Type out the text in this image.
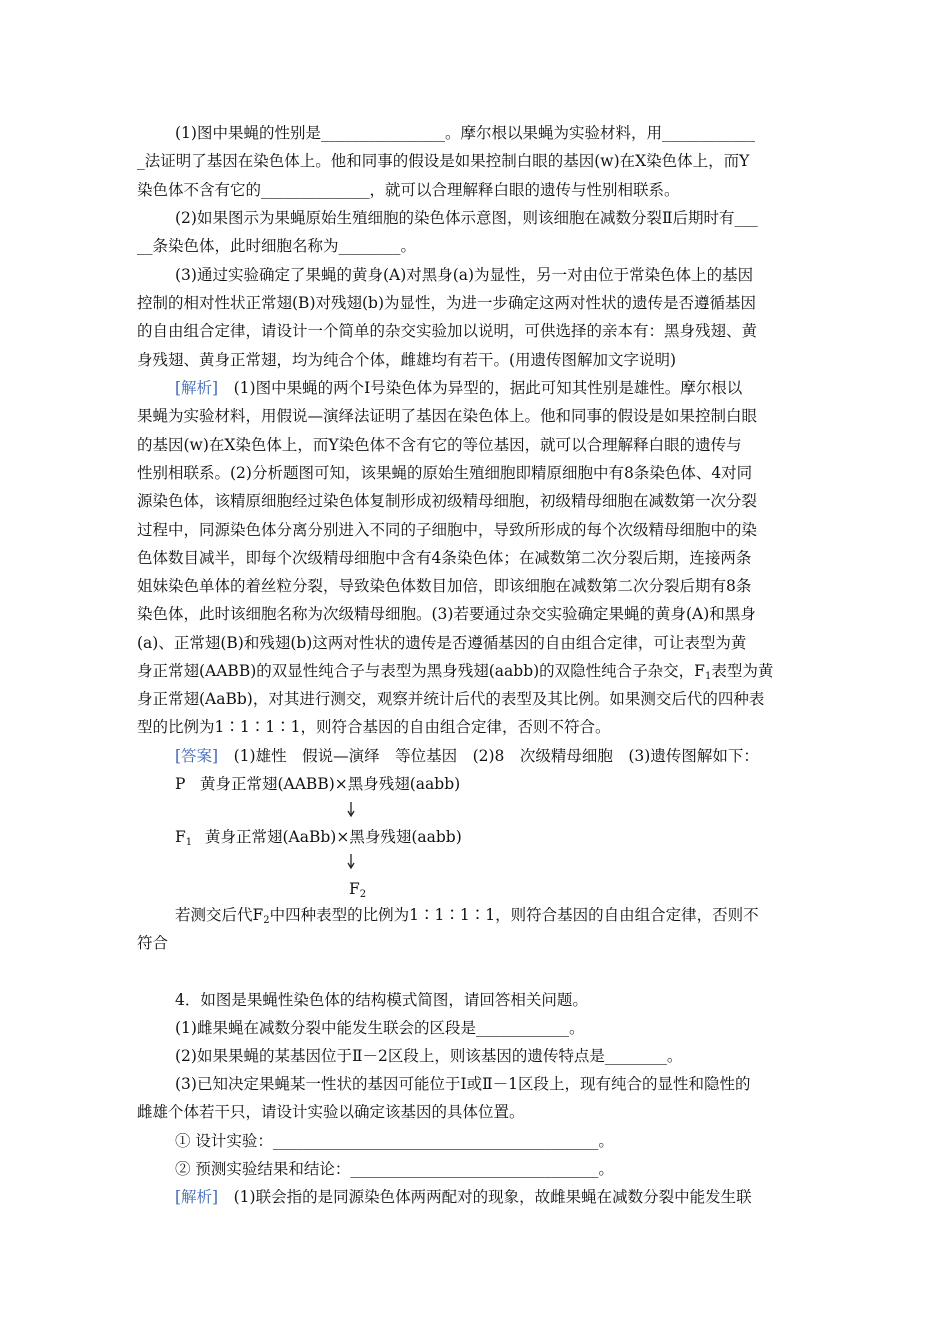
(1)图中果蝇的性别是________________。摩尔根以果蝇为实验材料，用____________
_法证明了基因在染色体上。他和同事的假设是如果控制白眼的基因(w)在X染色体上，而Y
染色体不含有它的______________，就可以合理解释白眼的遗传与性别相联系。
(2)如果图示为果蝇原始生殖细胞的染色体示意图，则该细胞在减数分裂Ⅱ后期时有___
__条染色体，此时细胞名称为________。
(3)通过实验确定了果蝇的黄身(A)对黑身(a)为显性，另一对由位于常染色体上的基因
控制的相对性状正常翅(B)对残翅(b)为显性，为进一步确定这两对性状的遗传是否遵循基因
的自由组合定律，请设计一个简单的杂交实验加以说明，可供选择的亲本有：黑身残翅、黄
身残翅、黄身正常翅，均为纯合个体，雌雄均有若干。(用遗传图解加文字说明)
[解析]　(1)图中果蝇的两个Ⅰ号染色体为异型的，据此可知其性别是雄性。摩尔根以
果蝇为实验材料，用假说—演绎法证明了基因在染色体上。他和同事的假设是如果控制白眼
的基因(w)在X染色体上，而Y染色体不含有它的等位基因，就可以合理解释白眼的遗传与
性别相联系。(2)分析题图可知，该果蝇的原始生殖细胞即精原细胞中有8条染色体、4对同
源染色体，该精原细胞经过染色体复制形成初级精母细胞，初级精母细胞在减数第一次分裂
过程中，同源染色体分离分别进入不同的子细胞中，导致所形成的每个次级精母细胞中的染
色体数目减半，即每个次级精母细胞中含有4条染色体；在减数第二次分裂后期，连接两条
姐妹染色单体的着丝粒分裂，导致染色体数目加倍，即该细胞在减数第二次分裂后期有8条
染色体，此时该细胞名称为次级精母细胞。(3)若要通过杂交实验确定果蝇的黄身(A)和黑身
(a)、正常翅(B)和残翅(b)这两对性状的遗传是否遵循基因的自由组合定律，可让表型为黄
身正常翅(AABB)的双显性纯合子与表型为黑身残翅(aabb)的双隐性纯合子杂交，$F_1$表型为黄
身正常翅(AaBb)，对其进行测交，观察并统计后代的表型及其比例。如果测交后代的四种表
型的比例为1∶1∶1∶1，则符合基因的自由组合定律，否则不符合。
[答案]　(1)雄性　假说—演绎　等位基因　(2)8　次级精母细胞　(3)遗传图解如下：
P 黄身正常翅(AABB)×黑身残翅(aabb)
$F_1$ 黄身正常翅(AaBb)×黑身残翅(aabb)
$F_2$
若测交后代$F_2$中四种表型的比例为1∶1∶1∶1，则符合基因的自由组合定律，否则不
符合
4．如图是果蝇性染色体的结构模式简图，请回答相关问题。
(1)雌果蝇在减数分裂中能发生联会的区段是____________。
(2)如果果蝇的某基因位于Ⅱ－2区段上，则该基因的遗传特点是________。
(3)已知决定果蝇某一性状的基因可能位于Ⅰ或Ⅱ－1区段上，现有纯合的显性和隐性的
雌雄个体若干只，请设计实验以确定该基因的具体位置。
① 设计实验：__________________________________________。
② 预测实验结果和结论：________________________________。
[解析]　(1)联会指的是同源染色体两两配对的现象，故雌果蝇在减数分裂中能发生联
